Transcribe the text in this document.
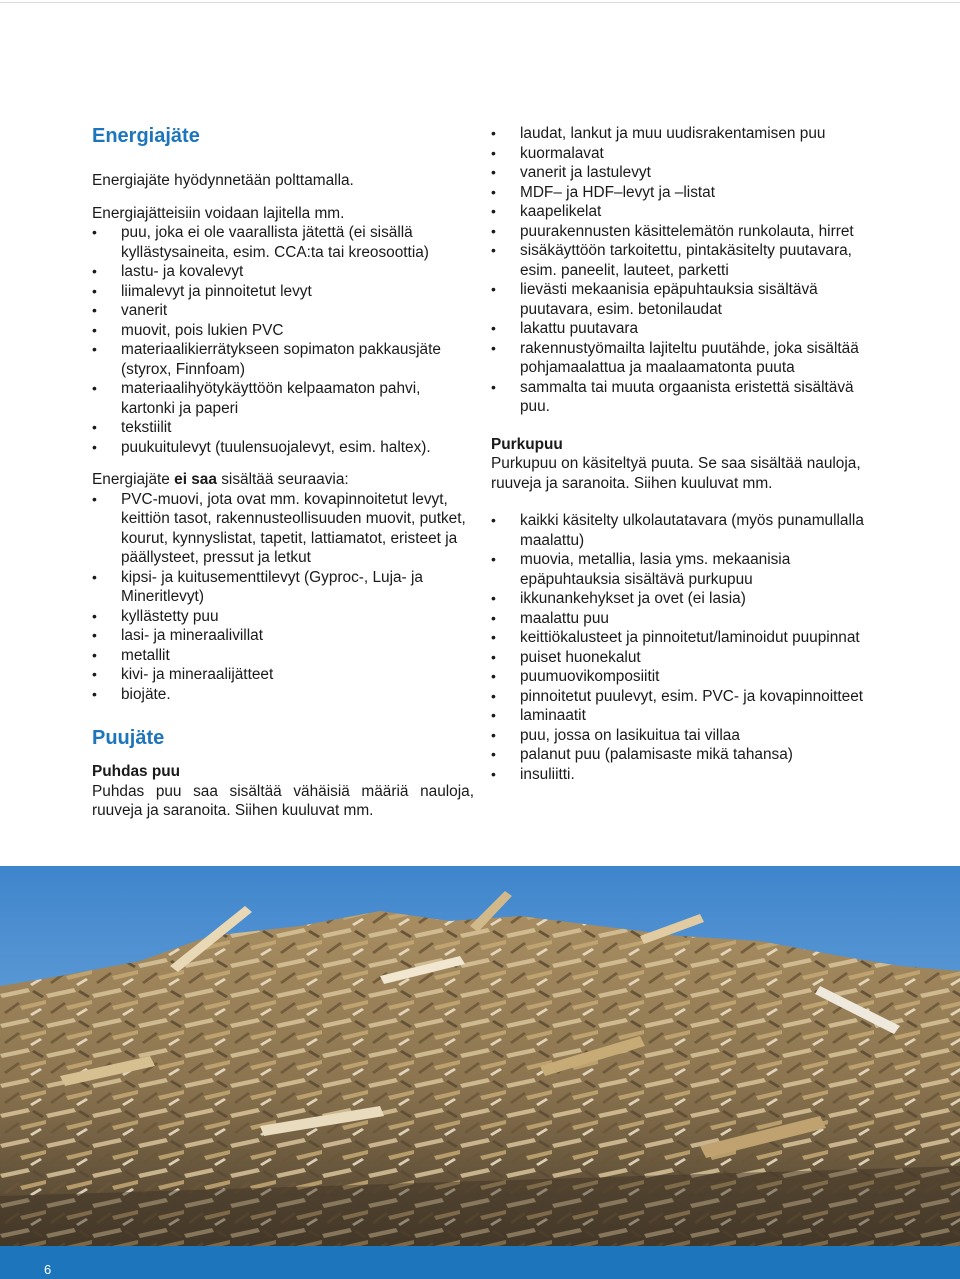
Energiajäte

Energiajäte hyödynnetään polttamalla.

Energiajätteisiin voidaan lajitella mm.

• puu, joka ei ole vaarallista jätettä (ei sisällä kyllästysaineita, esim. CCA:ta tai kreosoottia)
• lastu- ja kovalevyt
• liimalevyt ja pinnoitetut levyt
• vanerit
• muovit, pois lukien PVC
• materiaalikierrätykseen sopimaton pakkausjäte (styrox, Finnfoam)
• materiaalihyötykäyttöön kelpaamaton pahvi, kartonki ja paperi
• tekstiilit
• puukuitulevyt (tuulensuojalevyt, esim. haltex).

Energiajäte ei saa sisältää seuraavia:

• PVC-muovi, jota ovat mm. kovapinnoitetut levyt, keittiön tasot, rakennusteollisuuden muovit, putket, kourut, kynnyslistat, tapetit, lattiamatot, eristeet ja päällysteet, pressut ja letkut
• kipsi- ja kuitusementtilevyt (Gyproc-, Luja- ja Mineritlevyt)
• kyllästetty puu
• lasi- ja mineraalivillat
• metallit
• kivi- ja mineraalijätteet
• biojäte.
Puujäte
Puhdas puu

Puhdas puu saa sisältää vähäisiä määriä nauloja, ruuveja ja saranoita. Siihen kuuluvat mm.

• laudat, lankut ja muu uudisrakentamisen puu
• kuormalavat
• vanerit ja lastulevyt
• MDF– ja HDF–levyt ja –listat
• kaapelikelat
• puurakennusten käsittelemätön runkolauta, hirret
• sisäkäyttöön tarkoitettu, pintakäsitelty puutavara, esim. paneelit, lauteet, parketti
• lievästi mekaanisia epäpuhtauksia sisältävä puutavara, esim. betonilaudat
• lakattu puutavara
• rakennustyömailta lajiteltu puutähde, joka sisältää pohjamaalattua ja maalaamatonta puuta
• sammalta tai muuta orgaanista eristettä sisältävä puu.
Purkupuu

Purkupuu on käsiteltyä puuta. Se saa sisältää nauloja, ruuveja ja saranoita. Siihen kuuluvat mm.

• kaikki käsitelty ulkolautatavara (myös punamullalla maalattu)
• muovia, metallia, lasia yms. mekaanisia epäpuhtauksia sisältävä purkupuu
• ikkunankehykset ja ovet (ei lasia)
• maalattu puu
• keittiökalusteet ja pinnoitetut/laminoidut puupinnat
• puiset huonekalut
• puumuovikomposiitit
• pinnoitetut puulevyt, esim. PVC- ja kovapinnoitteet
• laminaatit
• puu, jossa on lasikuitua tai villaa
• palanut puu (palamisaste mikä tahansa)
• insuliitti.
6
